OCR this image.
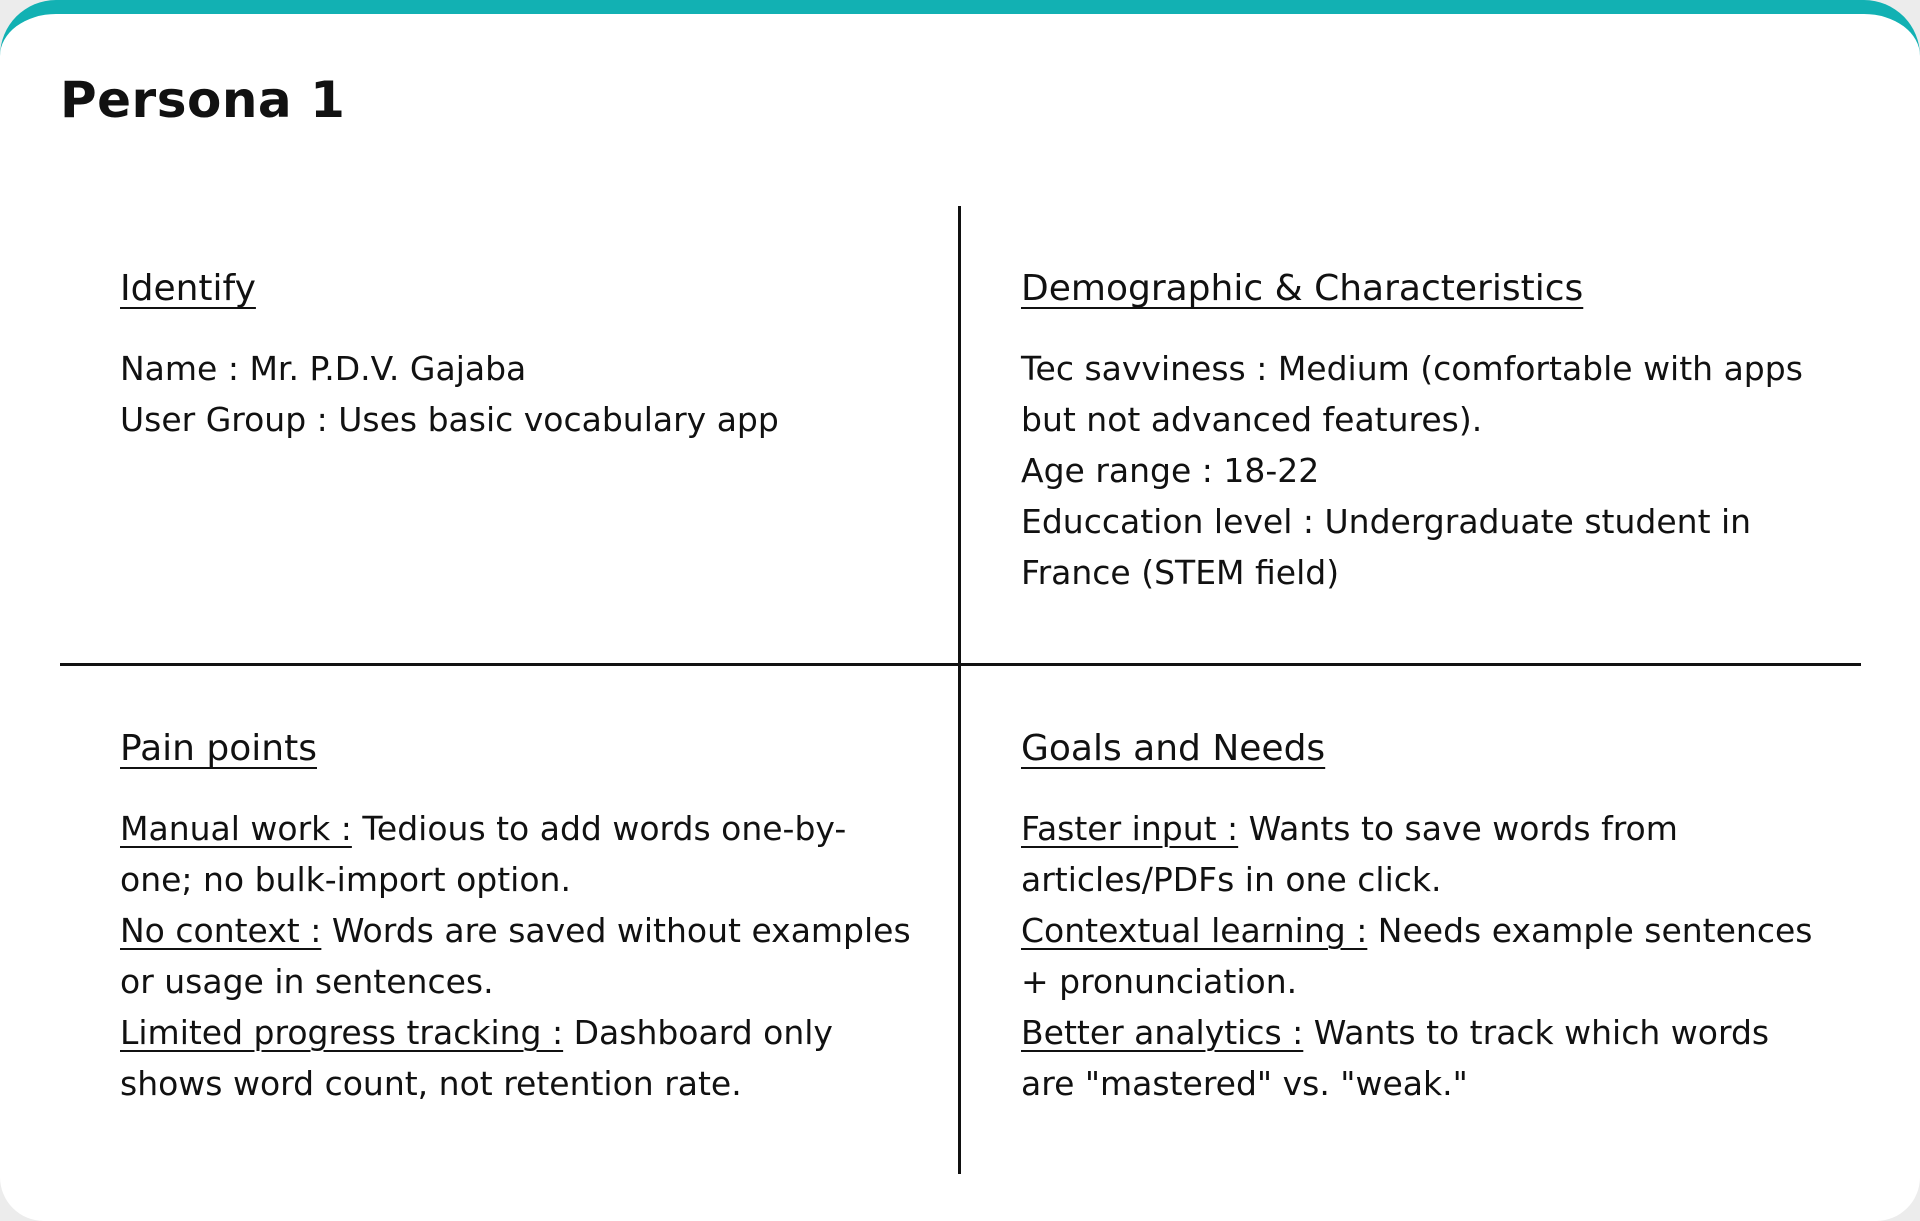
Persona 1
Identify

Name : Mr. P.D.V. Gajaba
User Group : Uses basic vocabulary app

Demographic & Characteristics

Tec savviness : Medium (comfortable with apps
but not advanced features).
Age range : 18-22
Educcation level : Undergraduate student in
France (STEM field)

Pain points

Manual work : Tedious to add words one-by-
one; no bulk-import option.
No context : Words are saved without examples
or usage in sentences.
Limited progress tracking : Dashboard only
shows word count, not retention rate.

Goals and Needs

Faster input : Wants to save words from
articles/PDFs in one click.
Contextual learning : Needs example sentences
+ pronunciation.
Better analytics : Wants to track which words
are "mastered" vs. "weak."
